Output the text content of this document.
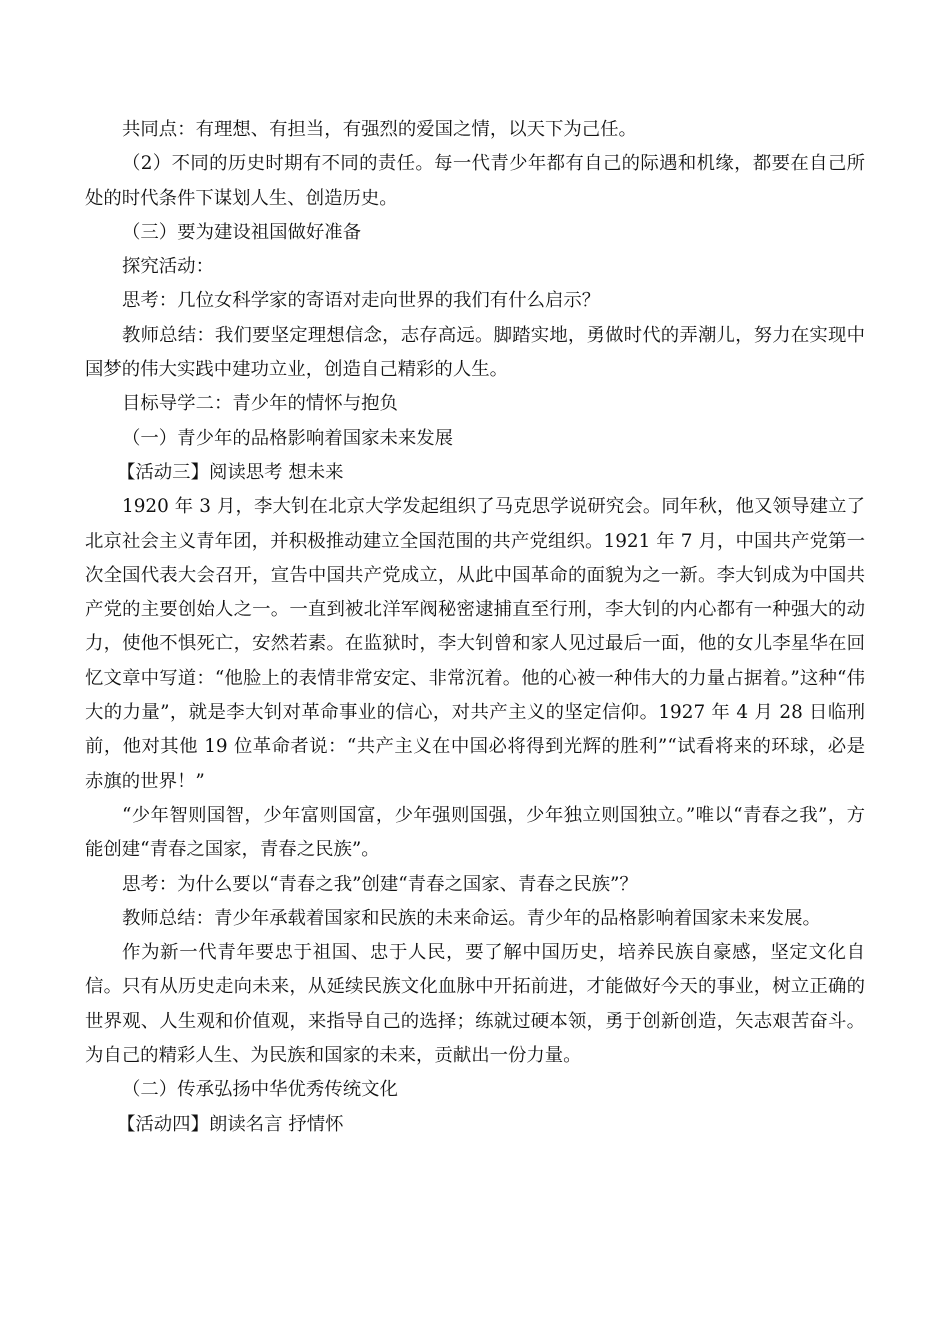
共同点：有理想、有担当，有强烈的爱国之情，以天下为己任。

（2）不同的历史时期有不同的责任。每一代青少年都有自己的际遇和机缘，都要在自己所处的时代条件下谋划人生、创造历史。

（三）要为建设祖国做好准备

探究活动：

思考：几位女科学家的寄语对走向世界的我们有什么启示？

教师总结：我们要坚定理想信念，志存高远。脚踏实地，勇做时代的弄潮儿，努力在实现中国梦的伟大实践中建功立业，创造自己精彩的人生。

目标导学二：青少年的情怀与抱负

（一）青少年的品格影响着国家未来发展

【活动三】阅读思考 想未来

1920 年 3 月，李大钊在北京大学发起组织了马克思学说研究会。同年秋，他又领导建立了北京社会主义青年团，并积极推动建立全国范围的共产党组织。1921 年 7 月，中国共产党第一次全国代表大会召开，宣告中国共产党成立，从此中国革命的面貌为之一新。李大钊成为中国共产党的主要创始人之一。一直到被北洋军阀秘密逮捕直至行刑，李大钊的内心都有一种强大的动力，使他不惧死亡，安然若素。在监狱时，李大钊曾和家人见过最后一面，他的女儿李星华在回忆文章中写道：“他脸上的表情非常安定、非常沉着。他的心被一种伟大的力量占据着。”这种“伟大的力量”，就是李大钊对革命事业的信心，对共产主义的坚定信仰。1927 年 4 月 28 日临刑前，他对其他 19 位革命者说：“共产主义在中国必将得到光辉的胜利”“试看将来的环球，必是赤旗的世界！”

“少年智则国智，少年富则国富，少年强则国强，少年独立则国独立。”唯以“青春之我”，方能创建“青春之国家，青春之民族”。

思考：为什么要以“青春之我”创建“青春之国家、青春之民族”？

教师总结：青少年承载着国家和民族的未来命运。青少年的品格影响着国家未来发展。

作为新一代青年要忠于祖国、忠于人民，要了解中国历史，培养民族自豪感，坚定文化自信。只有从历史走向未来，从延续民族文化血脉中开拓前进，才能做好今天的事业，树立正确的世界观、人生观和价值观，来指导自己的选择；练就过硬本领，勇于创新创造，矢志艰苦奋斗。为自己的精彩人生、为民族和国家的未来，贡献出一份力量。

（二）传承弘扬中华优秀传统文化

【活动四】朗读名言 抒情怀
